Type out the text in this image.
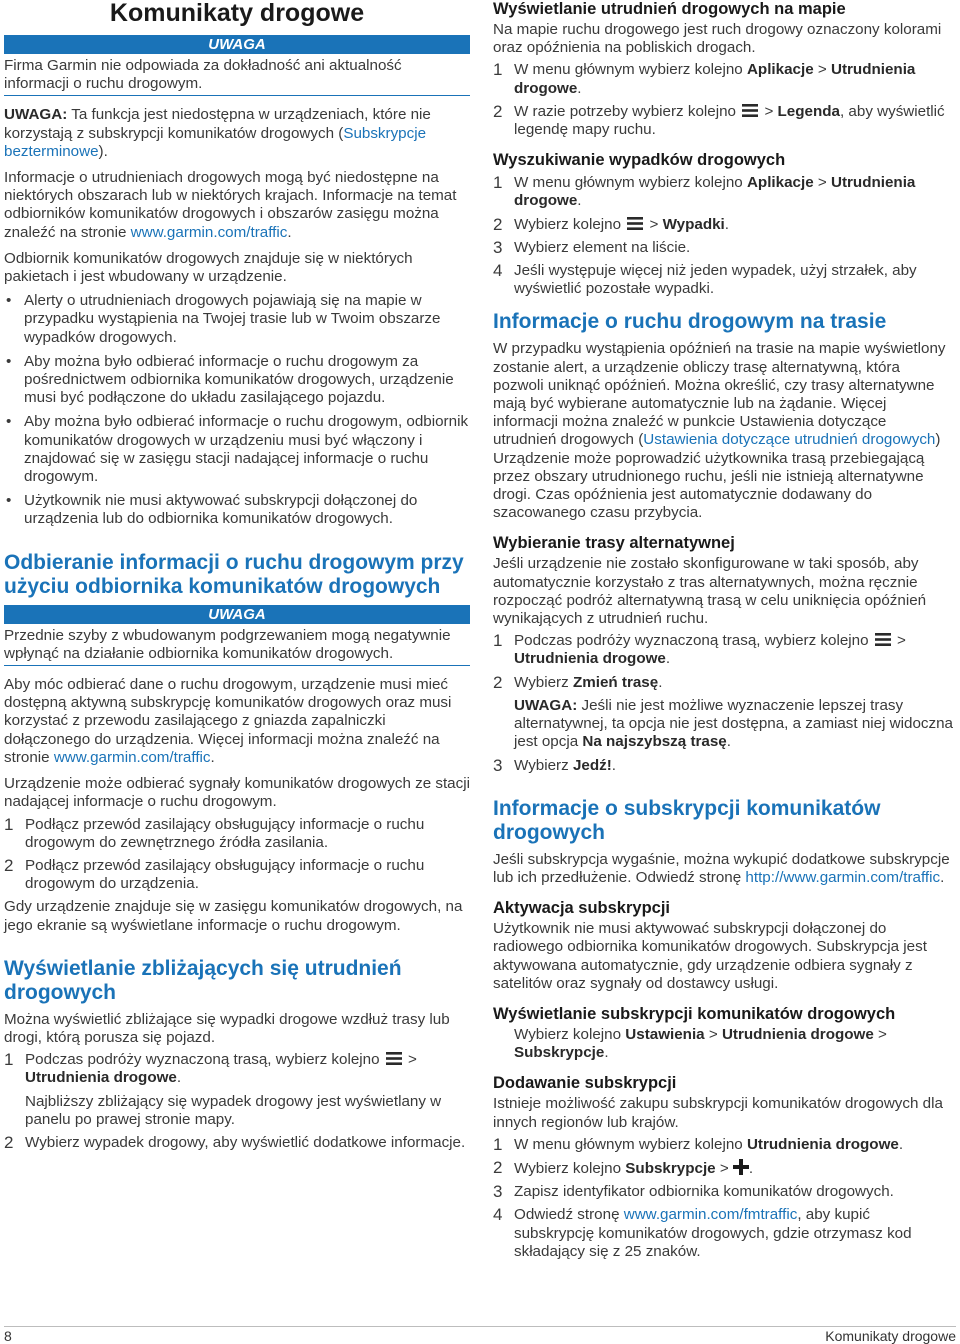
Komunikaty drogowe
UWAGA

Firma Garmin nie odpowiada za dokładność ani aktualność informacji o ruchu drogowym.

UWAGA: Ta funkcja jest niedostępna w urządzeniach, które nie korzystają z subskrypcji komunikatów drogowych (Subskrypcje bezterminowe).

Informacje o utrudnieniach drogowych mogą być niedostępne na niektórych obszarach lub w niektórych krajach. Informacje na temat odbiorników komunikatów drogowych i obszarów zasięgu można znaleźć na stronie www.garmin.com/traffic.

Odbiornik komunikatów drogowych znajduje się w niektórych pakietach i jest wbudowany w urządzenie.

• Alerty o utrudnieniach drogowych pojawiają się na mapie w przypadku wystąpienia na Twojej trasie lub w Twoim obszarze wypadków drogowych.
• Aby można było odbierać informacje o ruchu drogowym za pośrednictwem odbiornika komunikatów drogowych, urządzenie musi być podłączone do układu zasilającego pojazdu.
• Aby można było odbierać informacje o ruchu drogowym, odbiornik komunikatów drogowych w urządzeniu musi być włączony i znajdować się w zasięgu stacji nadającej informacje o ruchu drogowym.
• Użytkownik nie musi aktywować subskrypcji dołączonej do urządzenia lub do odbiornika komunikatów drogowych.
Odbieranie informacji o ruchu drogowym przy użyciu odbiornika komunikatów drogowych
UWAGA

Przednie szyby z wbudowanym podgrzewaniem mogą negatywnie wpłynąć na działanie odbiornika komunikatów drogowych.

Aby móc odbierać dane o ruchu drogowym, urządzenie musi mieć dostępną aktywną subskrypcję komunikatów drogowych oraz musi korzystać z przewodu zasilającego z gniazda zapalniczki dołączonego do urządzenia. Więcej informacji można znaleźć na stronie www.garmin.com/traffic.

Urządzenie może odbierać sygnały komunikatów drogowych ze stacji nadającej informacje o ruchu drogowym.

1 Podłącz przewód zasilający obsługujący informacje o ruchu drogowym do zewnętrznego źródła zasilania.
2 Podłącz przewód zasilający obsługujący informacje o ruchu drogowym do urządzenia.

Gdy urządzenie znajduje się w zasięgu komunikatów drogowych, na jego ekranie są wyświetlane informacje o ruchu drogowym.

Wyświetlanie zbliżających się utrudnień drogowych

Można wyświetlić zbliżające się wypadki drogowe wzdłuż trasy lub drogi, którą porusza się pojazd.

1 Podczas podróży wyznaczoną trasą, wybierz kolejno  > Utrudnienia drogowe.
Najbliższy zbliżający się wypadek drogowy jest wyświetlany w panelu po prawej stronie mapy.
2 Wybierz wypadek drogowy, aby wyświetlić dodatkowe informacje.
Wyświetlanie utrudnień drogowych na mapie

Na mapie ruchu drogowego jest ruch drogowy oznaczony kolorami oraz opóźnienia na pobliskich drogach.

1 W menu głównym wybierz kolejno Aplikacje > Utrudnienia drogowe.
2 W razie potrzeby wybierz kolejno  > Legenda, aby wyświetlić legendę mapy ruchu.
Wyszukiwanie wypadków drogowych
1 W menu głównym wybierz kolejno Aplikacje > Utrudnienia drogowe.
2 Wybierz kolejno  > Wypadki.
3 Wybierz element na liście.
4 Jeśli występuje więcej niż jeden wypadek, użyj strzałek, aby wyświetlić pozostałe wypadki.
Informacje o ruchu drogowym na trasie

W przypadku wystąpienia opóźnień na trasie na mapie wyświetlony zostanie alert, a urządzenie obliczy trasę alternatywną, która pozwoli uniknąć opóźnień. Można określić, czy trasy alternatywne mają być wybierane automatycznie lub na żądanie. Więcej informacji można znaleźć w punkcie Ustawienia dotyczące utrudnień drogowych (Ustawienia dotyczące utrudnień drogowych) Urządzenie może poprowadzić użytkownika trasą przebiegającą przez obszary utrudnionego ruchu, jeśli nie istnieją alternatywne drogi. Czas opóźnienia jest automatycznie dodawany do szacowanego czasu przybycia.

Wybieranie trasy alternatywnej

Jeśli urządzenie nie zostało skonfigurowane w taki sposób, aby automatycznie korzystało z tras alternatywnych, można ręcznie rozpocząć podróż alternatywną trasą w celu uniknięcia opóźnień wynikających z utrudnień ruchu.

1 Podczas podróży wyznaczoną trasą, wybierz kolejno  > Utrudnienia drogowe.
2 Wybierz Zmień trasę.
UWAGA: Jeśli nie jest możliwe wyznaczenie lepszej trasy alternatywnej, ta opcja nie jest dostępna, a zamiast niej widoczna jest opcja Na najszybszą trasę.
3 Wybierz Jedź!.
Informacje o subskrypcji komunikatów drogowych

Jeśli subskrypcja wygaśnie, można wykupić dodatkowe subskrypcje lub ich przedłużenie. Odwiedź stronę http://www.garmin.com/traffic.

Aktywacja subskrypcji

Użytkownik nie musi aktywować subskrypcji dołączonej do radiowego odbiornika komunikatów drogowych. Subskrypcja jest aktywowana automatycznie, gdy urządzenie odbiera sygnały z satelitów oraz sygnały od dostawcy usługi.

Wyświetlanie subskrypcji komunikatów drogowych

Wybierz kolejno Ustawienia > Utrudnienia drogowe > Subskrypcje.

Dodawanie subskrypcji

Istnieje możliwość zakupu subskrypcji komunikatów drogowych dla innych regionów lub krajów.

1 W menu głównym wybierz kolejno Utrudnienia drogowe.
2 Wybierz kolejno Subskrypcje > .
3 Zapisz identyfikator odbiornika komunikatów drogowych.
4 Odwiedź stronę www.garmin.com/fmtraffic, aby kupić subskrypcję komunikatów drogowych, gdzie otrzymasz kod składający się z 25 znaków.
8	Komunikaty drogowe
